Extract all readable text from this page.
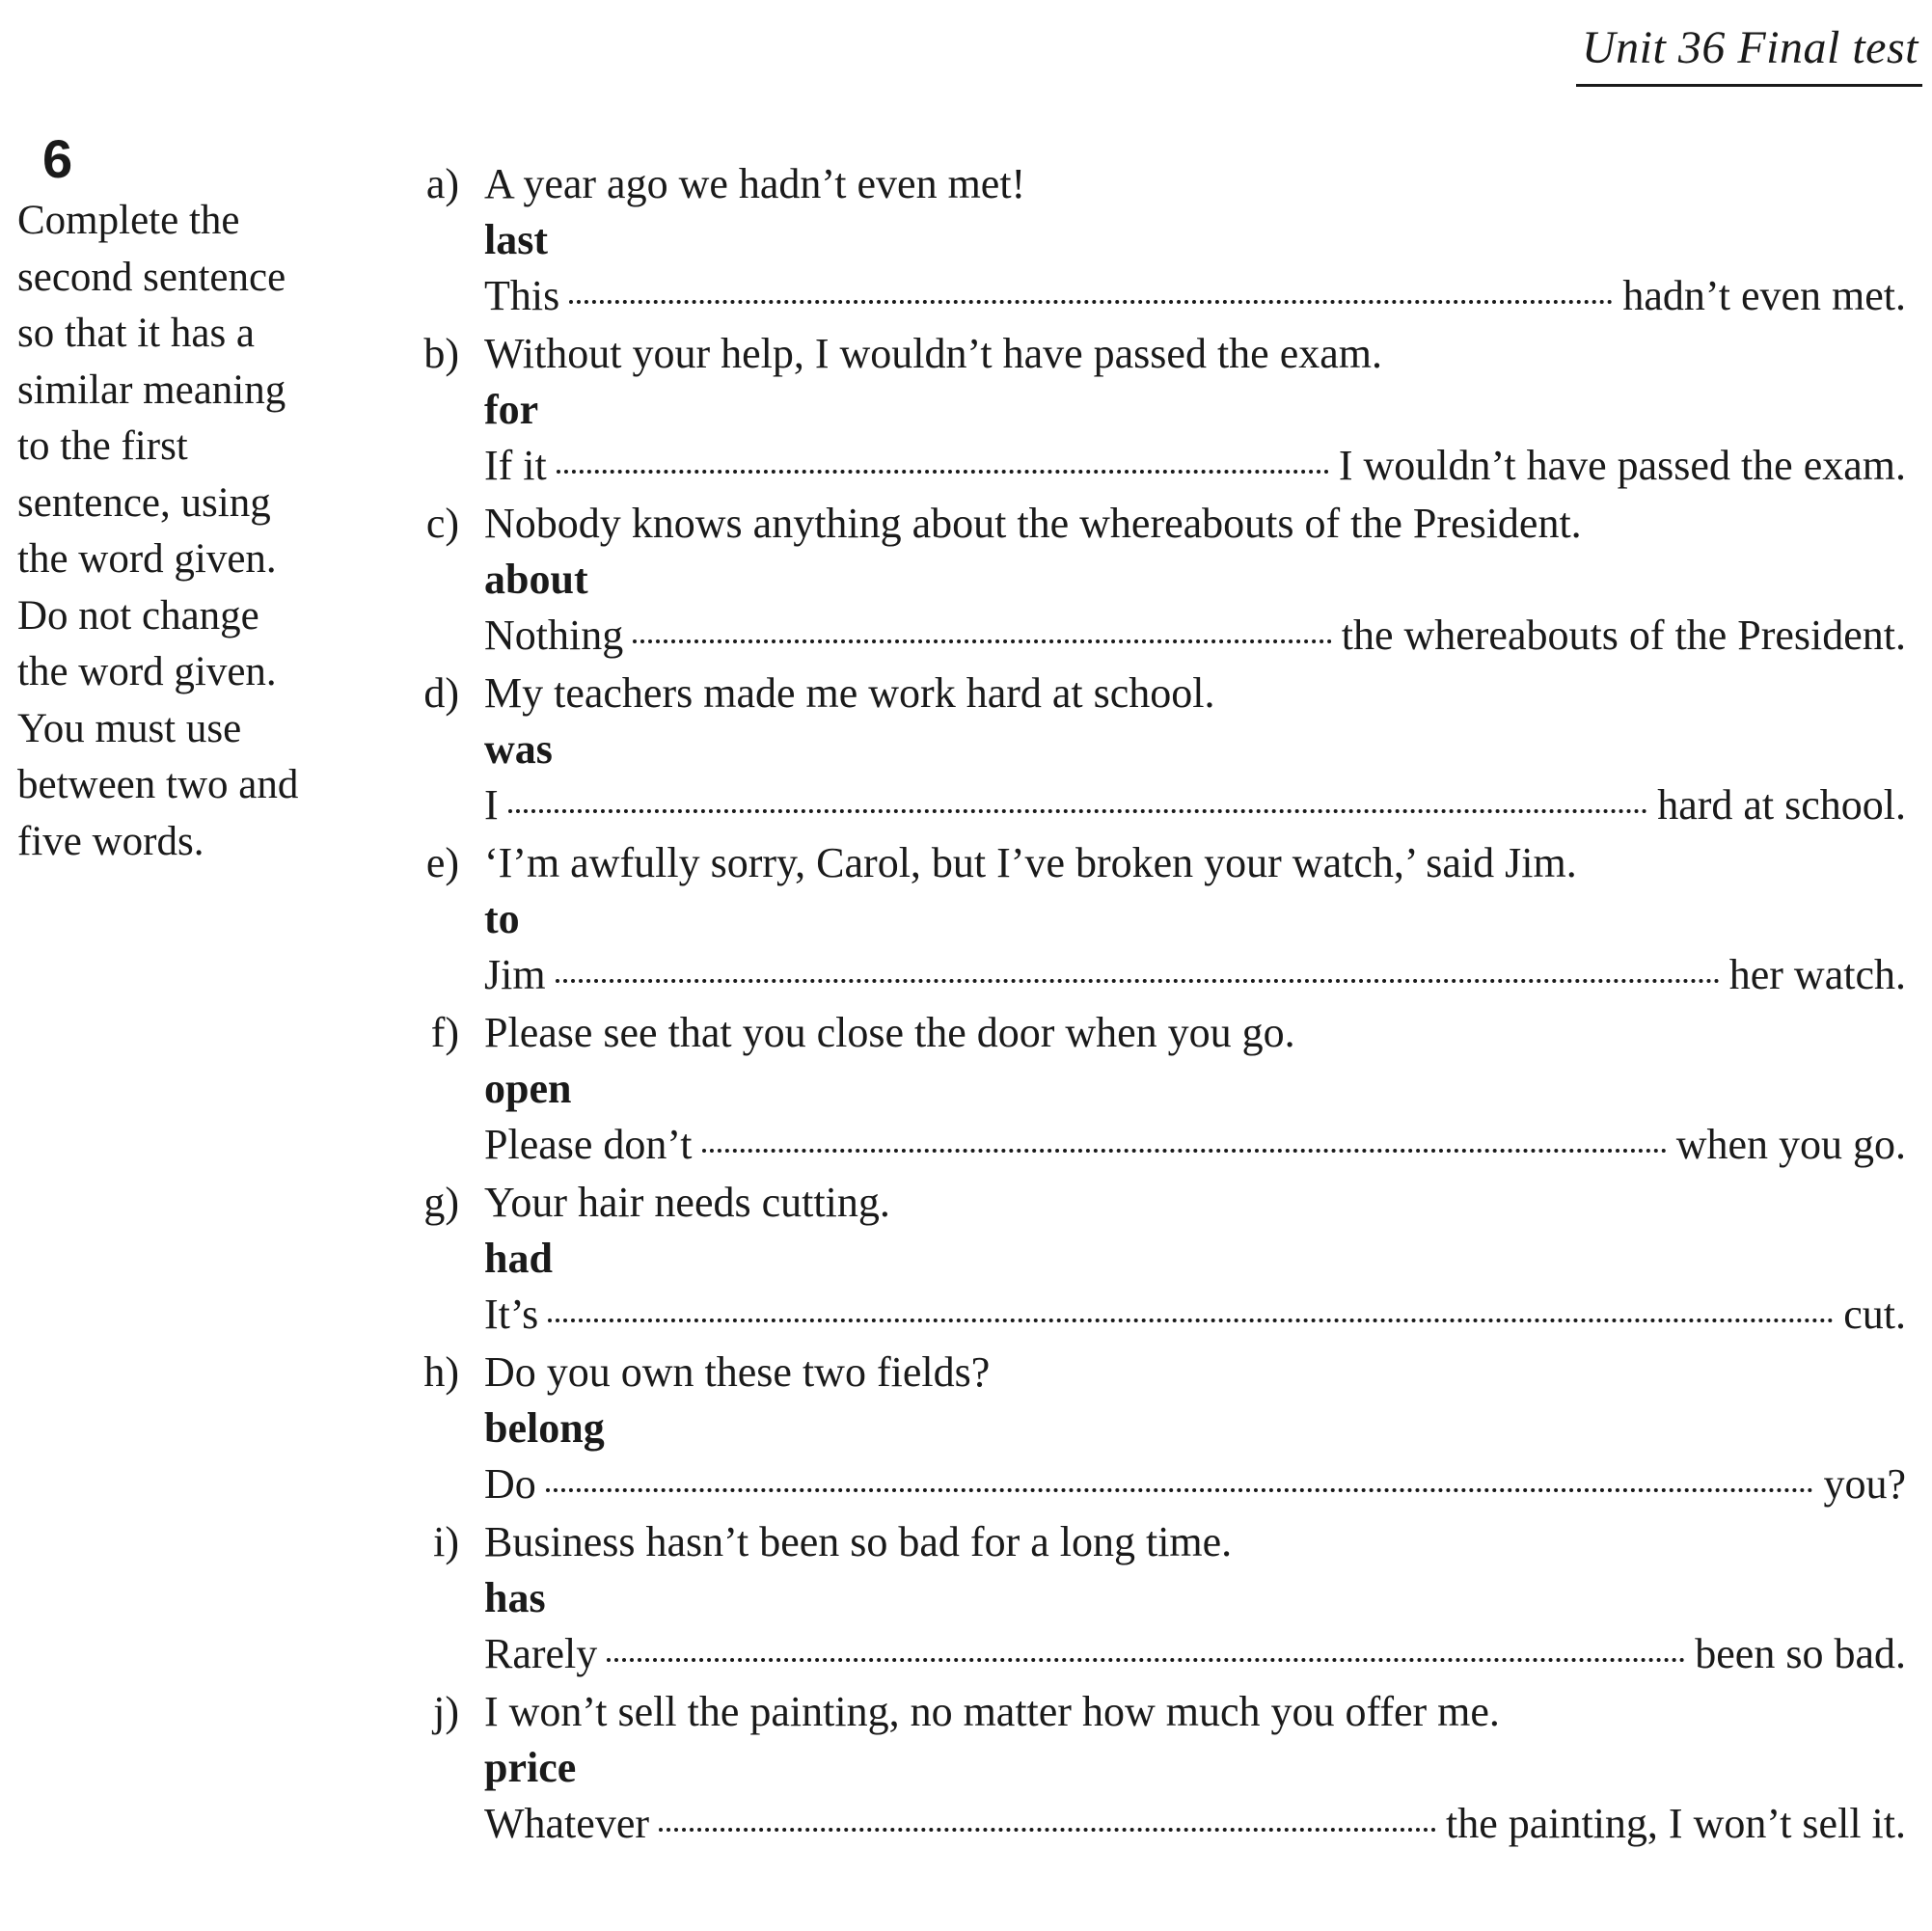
Unit 36 Final test
6
Complete the
second sentence
so that it has a
similar meaning
to the first
sentence, using
the word given.
Do not change
the word given.
You must use
between two and
five words.
a) A year ago we hadn’t even met!
last
This	hadn’t even met.
b) Without your help, I wouldn’t have passed the exam.
for
If it	I wouldn’t have passed the exam.
c) Nobody knows anything about the whereabouts of the President.
about
Nothing	the whereabouts of the President.
d) My teachers made me work hard at school.
was
I	hard at school.
e) ‘I’m awfully sorry, Carol, but I’ve broken your watch,’ said Jim.
to
Jim	her watch.
f) Please see that you close the door when you go.
open
Please don’t	when you go.
g) Your hair needs cutting.
had
It’s	cut.
h) Do you own these two fields?
belong
Do	you?
i) Business hasn’t been so bad for a long time.
has
Rarely	been so bad.
j) I won’t sell the painting, no matter how much you offer me.
price
Whatever	the painting, I won’t sell it.
